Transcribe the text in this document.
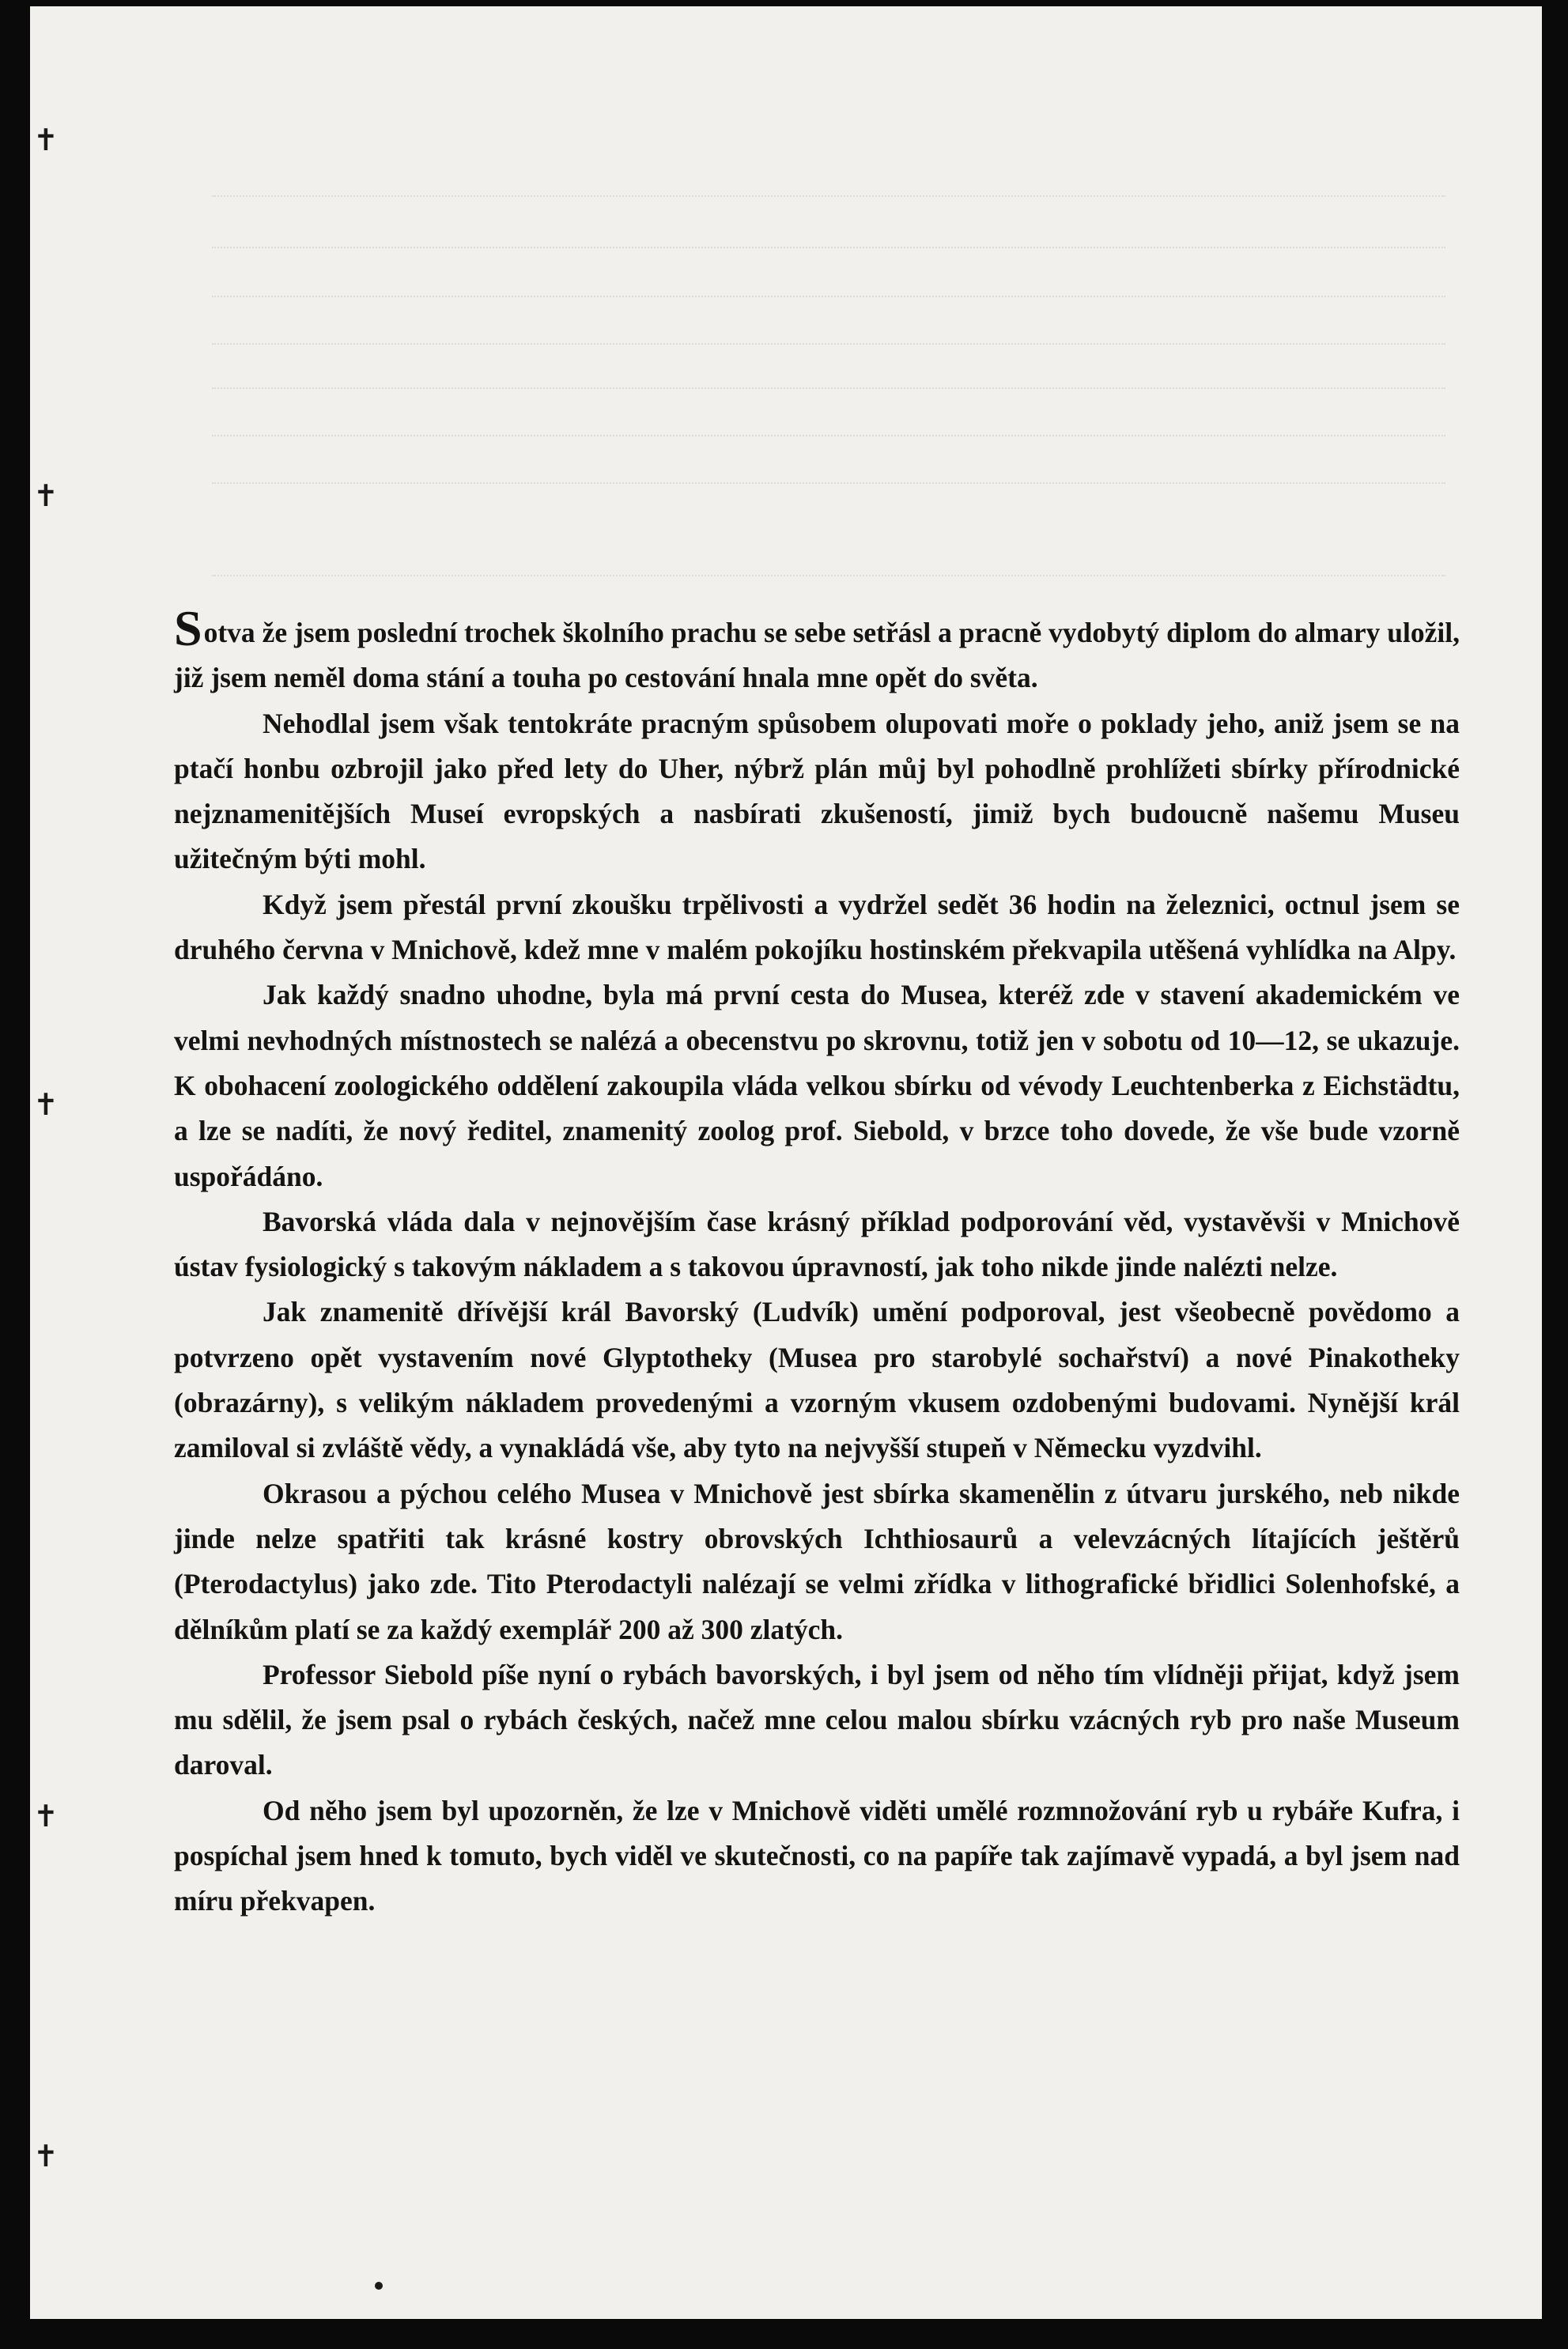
✝
✝
✝
✝
✝

Sotva že jsem poslední trochek školního prachu se sebe setřásl a pracně vydobytý diplom do almary uložil, již jsem neměl doma stání a touha po cestování hnala mne opět do světa.

Nehodlal jsem však tentokráte pracným spůsobem olupovati moře o poklady jeho, aniž jsem se na ptačí honbu ozbrojil jako před lety do Uher, nýbrž plán můj byl pohodlně prohlížeti sbírky přírodnické nejznamenitějších Museí evropských a nasbírati zkušeností, jimiž bych budoucně našemu Museu užitečným býti mohl.

Když jsem přestál první zkoušku trpělivosti a vydržel sedět 36 hodin na železnici, octnul jsem se druhého června v Mnichově, kdež mne v malém pokojíku hostinském překvapila utěšená vyhlídka na Alpy.

Jak každý snadno uhodne, byla má první cesta do Musea, kteréž zde v stavení akademickém ve velmi nevhodných místnostech se nalézá a obecenstvu po skrovnu, totiž jen v sobotu od 10—12, se ukazuje. K obohacení zoologického oddělení zakoupila vláda velkou sbírku od vévody Leuchtenberka z Eichstädtu, a lze se nadíti, že nový ředitel, znamenitý zoolog prof. Siebold, v brzce toho dovede, že vše bude vzorně uspořádáno.

Bavorská vláda dala v nejnovějším čase krásný příklad podporování věd, vystavěvši v Mnichově ústav fysiologický s takovým nákladem a s takovou úpravností, jak toho nikde jinde nalézti nelze.

Jak znamenitě dřívější král Bavorský (Ludvík) umění podporoval, jest všeobecně povědomo a potvrzeno opět vystavením nové Glyptotheky (Musea pro starobylé sochařství) a nové Pinakotheky (obrazárny), s velikým nákladem provedenými a vzorným vkusem ozdobenými budovami. Nynější král zamiloval si zvláště vědy, a vynakládá vše, aby tyto na nejvyšší stupeň v Německu vyzdvihl.

Okrasou a pýchou celého Musea v Mnichově jest sbírka skamenělin z útvaru jurského, neb nikde jinde nelze spatřiti tak krásné kostry obrovských Ichthiosaurů a velevzácných lítajících ještěrů (Pterodactylus) jako zde. Tito Pterodactyli nalézají se velmi zřídka v lithografické břidlici Solenhofské, a dělníkům platí se za každý exemplář 200 až 300 zlatých.

Professor Siebold píše nyní o rybách bavorských, i byl jsem od něho tím vlídněji přijat, když jsem mu sdělil, že jsem psal o rybách českých, načež mne celou malou sbírku vzácných ryb pro naše Museum daroval.

Od něho jsem byl upozorněn, že lze v Mnichově viděti umělé rozmnožování ryb u rybáře Kufra, i pospíchal jsem hned k tomuto, bych viděl ve skutečnosti, co na papíře tak zajímavě vypadá, a byl jsem nad míru překvapen.
